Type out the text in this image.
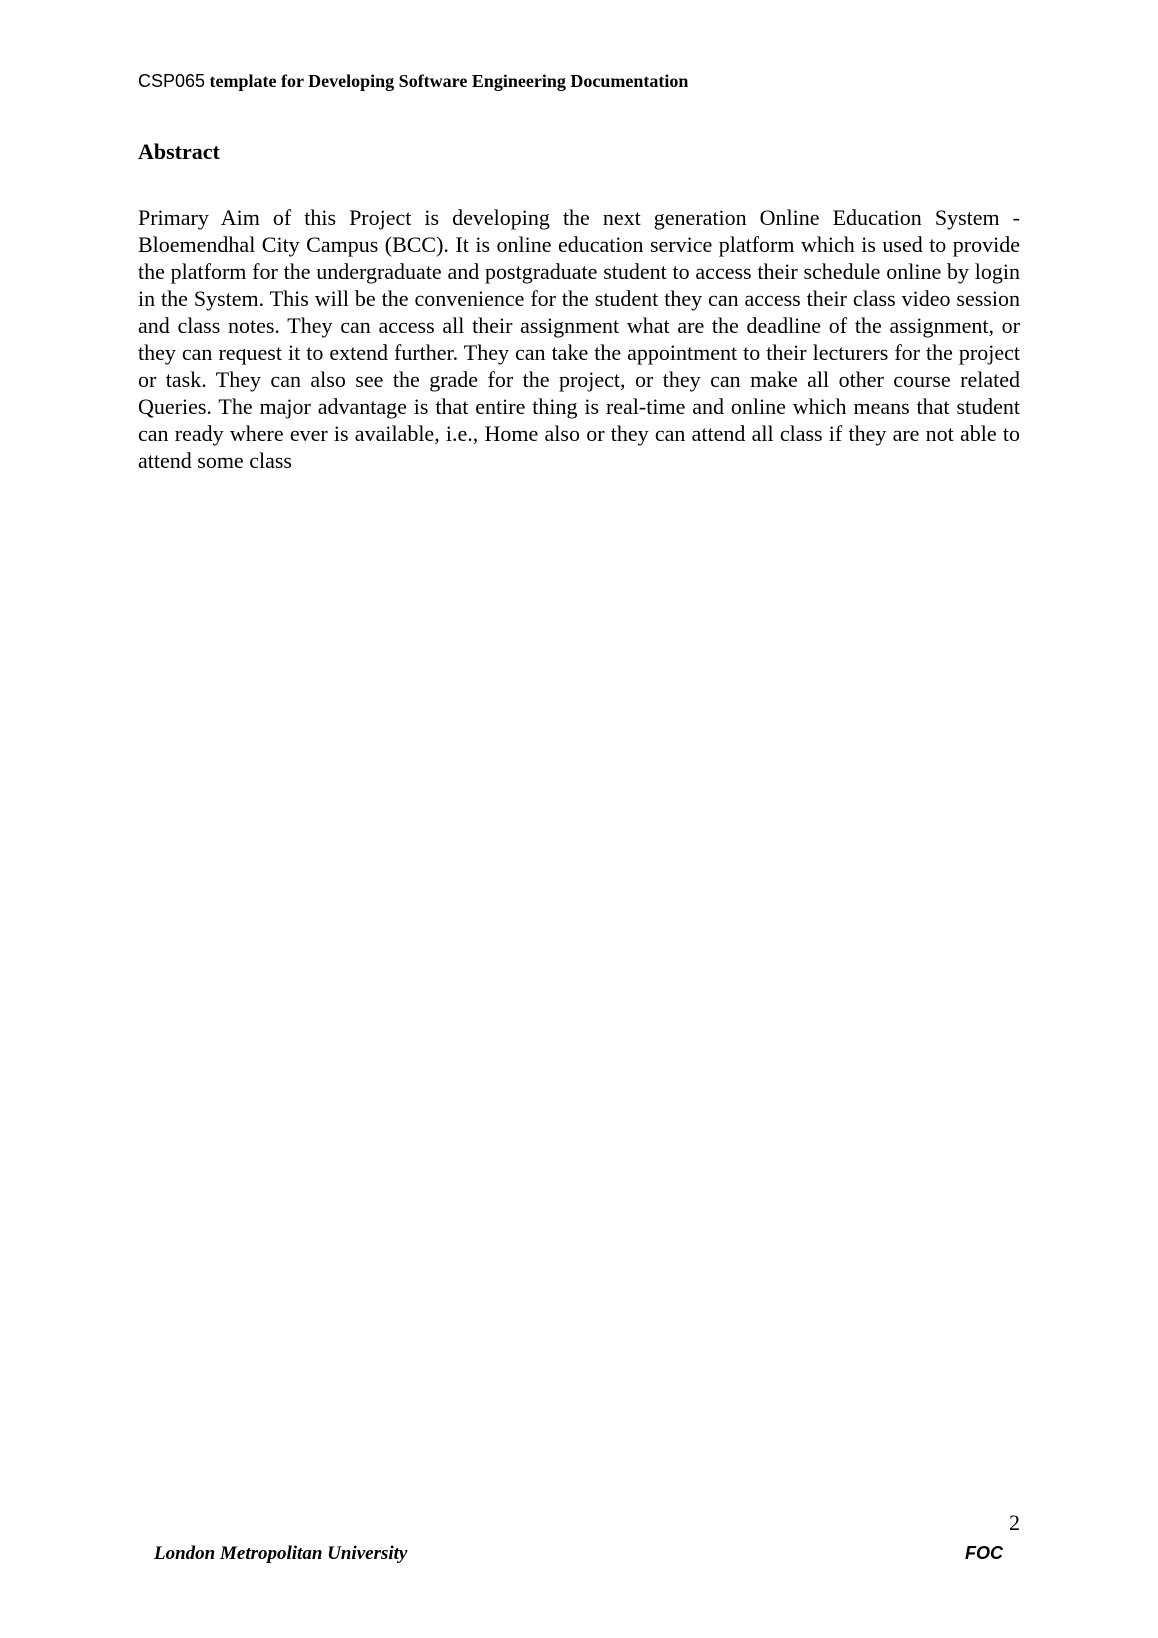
CSP065 template for Developing Software Engineering Documentation
Abstract

Primary Aim of this Project is developing the next generation Online Education System - Bloemendhal City Campus (BCC). It is online education service platform which is used to provide the platform for the undergraduate and postgraduate student to access their schedule online by login in the System. This will be the convenience for the student they can access their class video session and class notes. They can access all their assignment what are the deadline of the assignment, or they can request it to extend further. They can take the appointment to their lecturers for the project or task. They can also see the grade for the project, or they can make all other course related Queries. The major advantage is that entire thing is real-time and online which means that student can ready where ever is available, i.e., Home also or they can attend all class if they are not able to attend some class

2
London Metropolitan University	FOC
